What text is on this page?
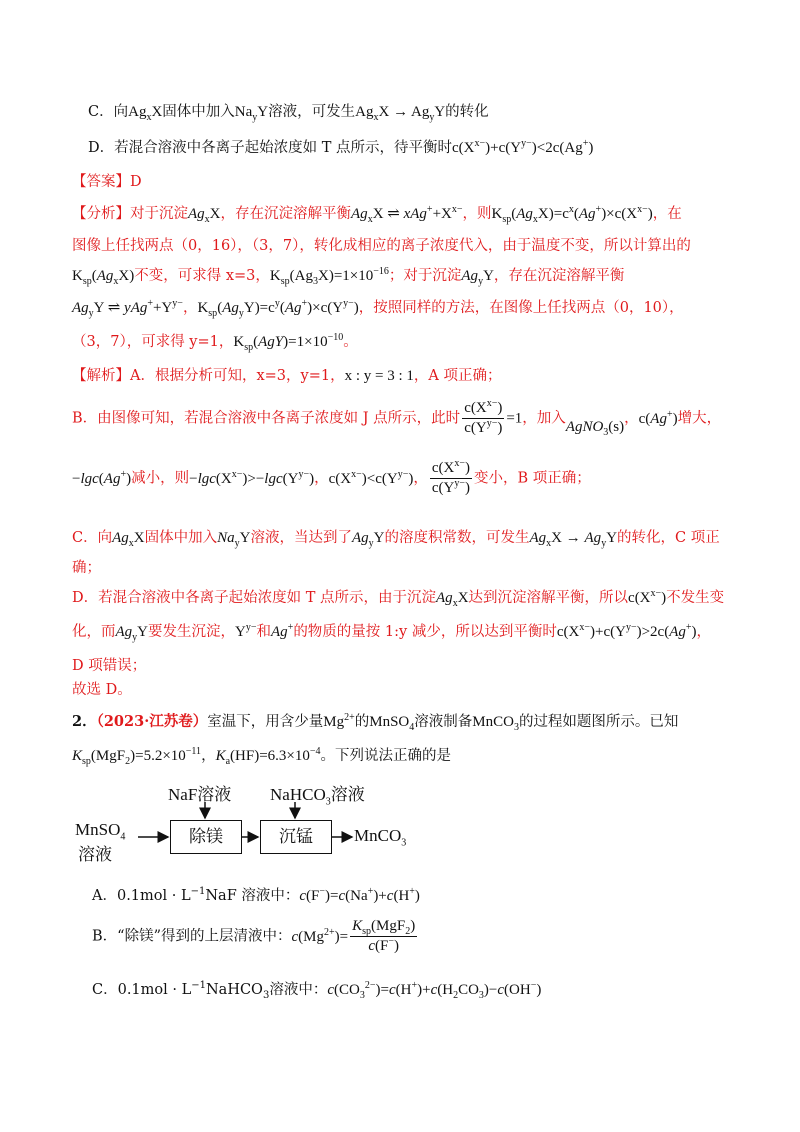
C．向$Ag_xX$固体中加入$Na_yY$溶液，可发生$Ag_xX \to Ag_yY$的转化
D．若混合溶液中各离子起始浓度如 T 点所示，待平衡时$c(X^{x-})+c(Y^{y-})<2c(Ag^+)$
【答案】D
【分析】对于沉淀$Ag_xX$，存在沉淀溶解平衡$Ag_xX$ ⇌ $xAg^++X^{x-}$，则$K_{sp}(Ag_xX)=c^x(Ag^+)\times c(X^{x-})$，在
图像上任找两点（0，16），（3，7），转化成相应的离子浓度代入，由于温度不变，所以计算出的
$K_{sp}(Ag_xX)$不变，可求得 x=3，$K_{sp}(Ag_3X)=1\times 10^{-16}$；对于沉淀$Ag_yY$，存在沉淀溶解平衡
$Ag_yY$ ⇌ $yAg^++Y^{y-}$，$K_{sp}(Ag_yY)=c^y(Ag^+)\times c(Y^{y-})$，按照同样的方法，在图像上任找两点（0，10），
（3，7），可求得 y=1，$K_{sp}(AgY)=1\times 10^{-10}$。
【解析】A．根据分析可知，x=3，y=1，x : y = 3 : 1，A 项正确；
B．由图像可知，若混合溶液中各离子浓度如 J 点所示，此时 $\frac{c(X^{x-})}{c(Y^{y-})} =1$，加入AgNO$_3$(s)，c(Ag+)增大，
−lgc(Ag+)减小，则$-\lg c(X^{x-})>-\lg c(Y^{y-})$，$c(X^{x-})<c(Y^{y-})$， $\frac{c(X^{x-})}{c(Y^{y-})}$ 变小，B 项正确；
C．向$Ag_xX$固体中加入$Na_yY$溶液，当达到了$Ag_yY$的溶度积常数，可发生$Ag_xX \to Ag_yY$的转化，C 项正
确；
D．若混合溶液中各离子起始浓度如 T 点所示，由于沉淀$Ag_xX$达到沉淀溶解平衡，所以$c(X^{x-})$不发生变
化，而$Ag_yY$要发生沉淀，$Y^{y-}$和Ag+的物质的量按 1:y 减少，所以达到平衡时$c(X^{x-})+c(Y^{y-})>2c(Ag^+)$，
D 项错误；
故选 D。
2．（2023·江苏卷）室温下，用含少量$Mg^{2+}$的MnSO$_4$溶液制备MnCO$_3$的过程如题图所示。已知
$K_{sp}(MgF_2)=5.2\times 10^{-11}$，$K_a(HF)=6.3\times 10^{-4}$。下列说法正确的是
NaF溶液 NaHCO$_3$溶液
MnSO$_4$
溶液
除镁	沉锰	MnCO$_3$
A．$0.1mol \cdot L^{-1}NaF$ 溶液中：c(F−)=c(Na+)+c(H+)
B．“除镁”得到的上层清液中：$c(Mg^{2+})= \frac{K_{sp}(MgF_2)}{c(F^-)}$
C．$0.1mol \cdot L^{-1}NaHCO_3$溶液中：$c(CO_3^{2-})=c(H^+)+c(H_2CO_3)-c(OH^-)$
